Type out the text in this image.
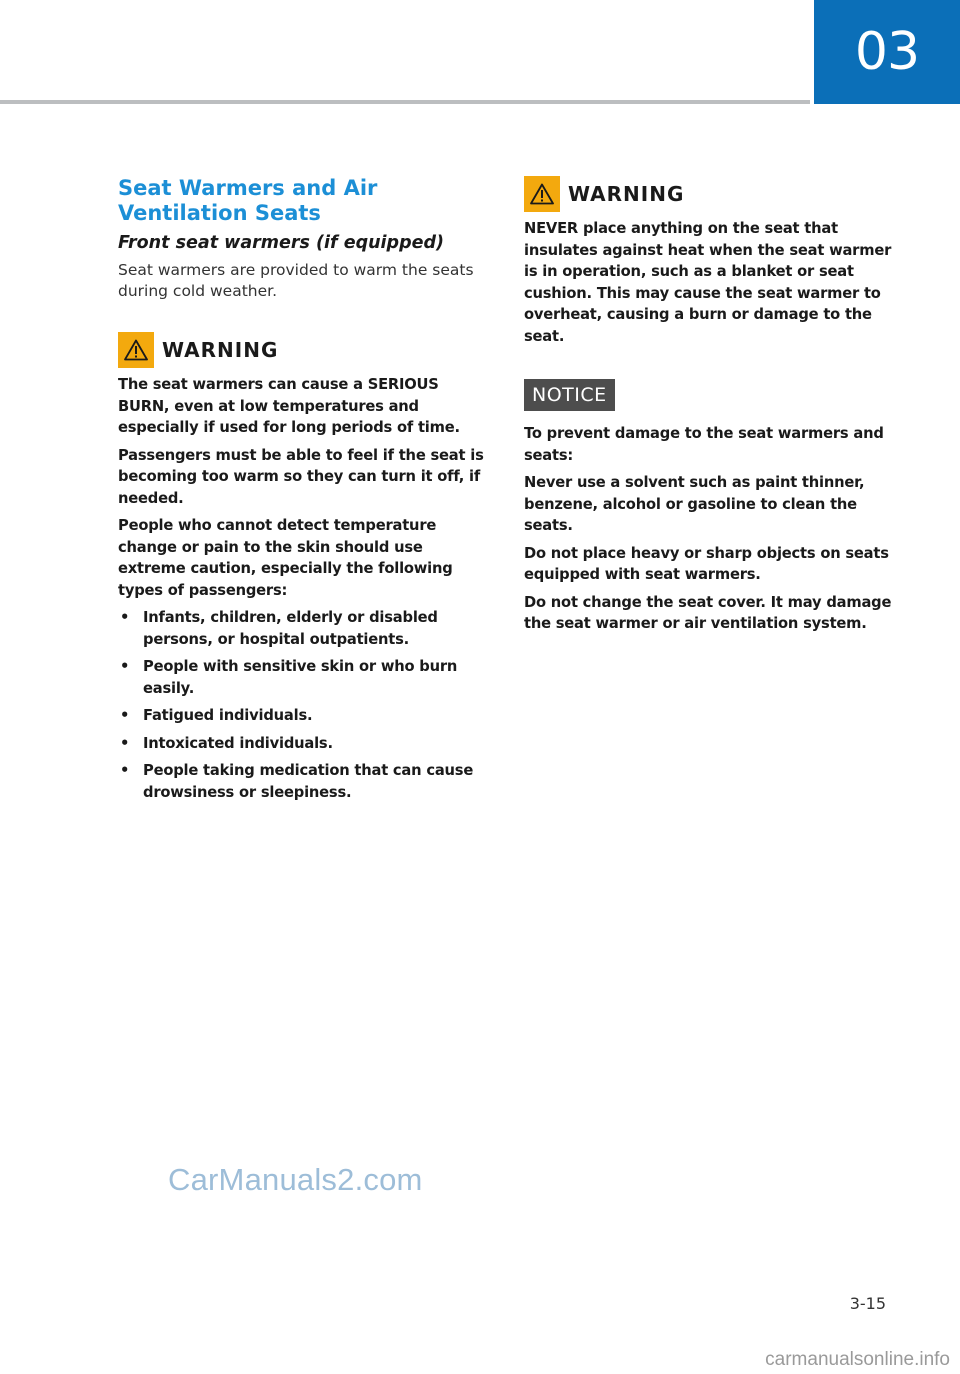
03
Seat Warmers and Air Ventilation Seats
Front seat warmers (if equipped)

Seat warmers are provided to warm the seats during cold weather.

WARNING

The seat warmers can cause a SERIOUS BURN, even at low temperatures and especially if used for long periods of time.

Passengers must be able to feel if the seat is becoming too warm so they can turn it off, if needed.

People who cannot detect temperature change or pain to the skin should use extreme caution, especially the following types of passengers:

• Infants, children, elderly or disabled persons, or hospital outpatients.
• People with sensitive skin or who burn easily.
• Fatigued individuals.
• Intoxicated individuals.
• People taking medication that can cause drowsiness or sleepiness.
WARNING

NEVER place anything on the seat that insulates against heat when the seat warmer is in operation, such as a blanket or seat cushion. This may cause the seat warmer to overheat, causing a burn or damage to the seat.

NOTICE

To prevent damage to the seat warmers and seats:

Never use a solvent such as paint thinner, benzene, alcohol or gasoline to clean the seats.

Do not place heavy or sharp objects on seats equipped with seat warmers.

Do not change the seat cover. It may damage the seat warmer or air ventilation system.

CarManuals2.com
3-15
carmanualsonline.info
